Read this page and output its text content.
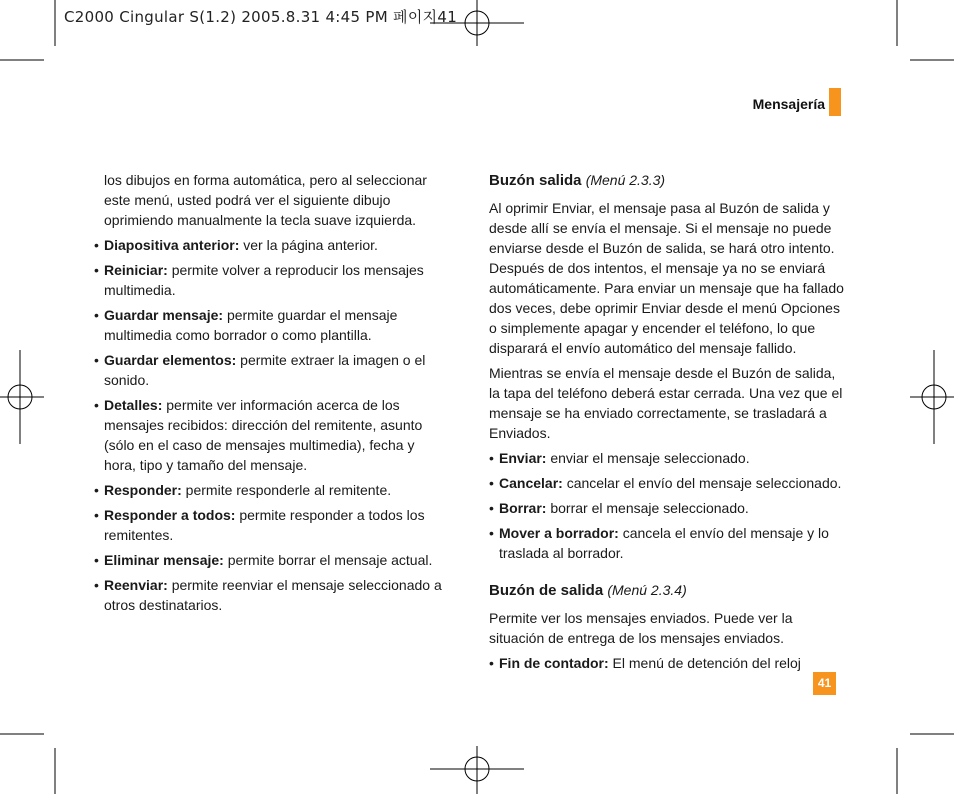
C2000 Cingular S(1.2) 2005.8.31 4:45 PM 페이지41
Mensajería

los dibujos en forma automática, pero al seleccionar este menú, usted podrá ver el siguiente dibujo oprimiendo manualmente la tecla suave izquierda.

• Diapositiva anterior: ver la página anterior.
• Reiniciar: permite volver a reproducir los mensajes multimedia.
• Guardar mensaje: permite guardar el mensaje multimedia como borrador o como plantilla.
• Guardar elementos: permite extraer la imagen o el sonido.
• Detalles: permite ver información acerca de los mensajes recibidos: dirección del remitente, asunto (sólo en el caso de mensajes multimedia), fecha y hora, tipo y tamaño del mensaje.
• Responder: permite responderle al remitente.
• Responder a todos: permite responder a todos los remitentes.
• Eliminar mensaje: permite borrar el mensaje actual.
• Reenviar: permite reenviar el mensaje seleccionado a otros destinatarios.
Buzón salida (Menú 2.3.3)

Al oprimir Enviar, el mensaje pasa al Buzón de salida y desde allí se envía el mensaje. Si el mensaje no puede enviarse desde el Buzón de salida, se hará otro intento. Después de dos intentos, el mensaje ya no se enviará automáticamente. Para enviar un mensaje que ha fallado dos veces, debe oprimir Enviar desde el menú Opciones o simplemente apagar y encender el teléfono, lo que disparará el envío automático del mensaje fallido.

Mientras se envía el mensaje desde el Buzón de salida, la tapa del teléfono deberá estar cerrada. Una vez que el mensaje se ha enviado correctamente, se trasladará a Enviados.

• Enviar: enviar el mensaje seleccionado.
• Cancelar: cancelar el envío del mensaje seleccionado.
• Borrar: borrar el mensaje seleccionado.
• Mover a borrador: cancela el envío del mensaje y lo traslada al borrador.
Buzón de salida (Menú 2.3.4)

Permite ver los mensajes enviados. Puede ver la situación de entrega de los mensajes enviados.

• Fin de contador: El menú de detención del reloj
41
